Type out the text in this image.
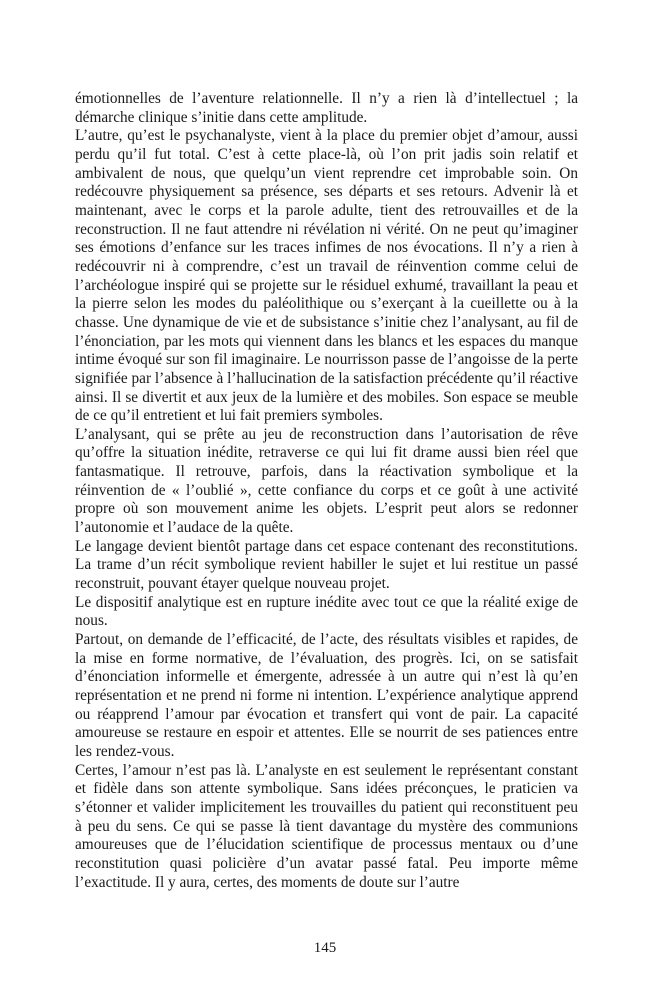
émotionnelles de l’aventure relationnelle. Il n’y a rien là d’intellectuel ; la démarche clinique s’initie dans cette amplitude.

L’autre, qu’est le psychanalyste, vient à la place du premier objet d’amour, aussi perdu qu’il fut total. C’est à cette place-là, où l’on prit jadis soin relatif et ambivalent de nous, que quelqu’un vient reprendre cet improbable soin. On redécouvre physiquement sa présence, ses départs et ses retours. Advenir là et maintenant, avec le corps et la parole adulte, tient des retrouvailles et de la reconstruction. Il ne faut attendre ni révélation ni vérité. On ne peut qu’imaginer ses émotions d’enfance sur les traces infimes de nos évocations. Il n’y a rien à redécouvrir ni à comprendre, c’est un travail de réinvention comme celui de l’archéologue inspiré qui se projette sur le résiduel exhumé, travaillant la peau et la pierre selon les modes du paléolithique ou s’exerçant à la cueillette ou à la chasse. Une dynamique de vie et de subsistance s’initie chez l’analysant, au fil de l’énonciation, par les mots qui viennent dans les blancs et les espaces du manque intime évoqué sur son fil imaginaire. Le nourrisson passe de l’angoisse de la perte signifiée par l’absence à l’hallucination de la satisfaction précédente qu’il réactive ainsi. Il se divertit et aux jeux de la lumière et des mobiles. Son espace se meuble de ce qu’il entretient et lui fait premiers symboles.

L’analysant, qui se prête au jeu de reconstruction dans l’autorisation de rêve qu’offre la situation inédite, retraverse ce qui lui fit drame aussi bien réel que fantasmatique. Il retrouve, parfois, dans la réactivation symbolique et la réinvention de « l’oublié », cette confiance du corps et ce goût à une activité propre où son mouvement anime les objets. L’esprit peut alors se redonner l’autonomie et l’audace de la quête.

Le langage devient bientôt partage dans cet espace contenant des reconstitutions. La trame d’un récit symbolique revient habiller le sujet et lui restitue un passé reconstruit, pouvant étayer quelque nouveau projet.

Le dispositif analytique est en rupture inédite avec tout ce que la réalité exige de nous.

Partout, on demande de l’efficacité, de l’acte, des résultats visibles et rapides, de la mise en forme normative, de l’évaluation, des progrès. Ici, on se satisfait d’énonciation informelle et émergente, adressée à un autre qui n’est là qu’en représentation et ne prend ni forme ni intention. L’expérience analytique apprend ou réapprend l’amour par évocation et transfert qui vont de pair. La capacité amoureuse se restaure en espoir et attentes. Elle se nourrit de ses patiences entre les rendez-vous.

Certes, l’amour n’est pas là. L’analyste en est seulement le représentant constant et fidèle dans son attente symbolique. Sans idées préconçues, le praticien va s’étonner et valider implicitement les trouvailles du patient qui reconstituent peu à peu du sens. Ce qui se passe là tient davantage du mystère des communions amoureuses que de l’élucidation scientifique de processus mentaux ou d’une reconstitution quasi policière d’un avatar passé fatal. Peu importe même l’exactitude. Il y aura, certes, des moments de doute sur l’autre

145
